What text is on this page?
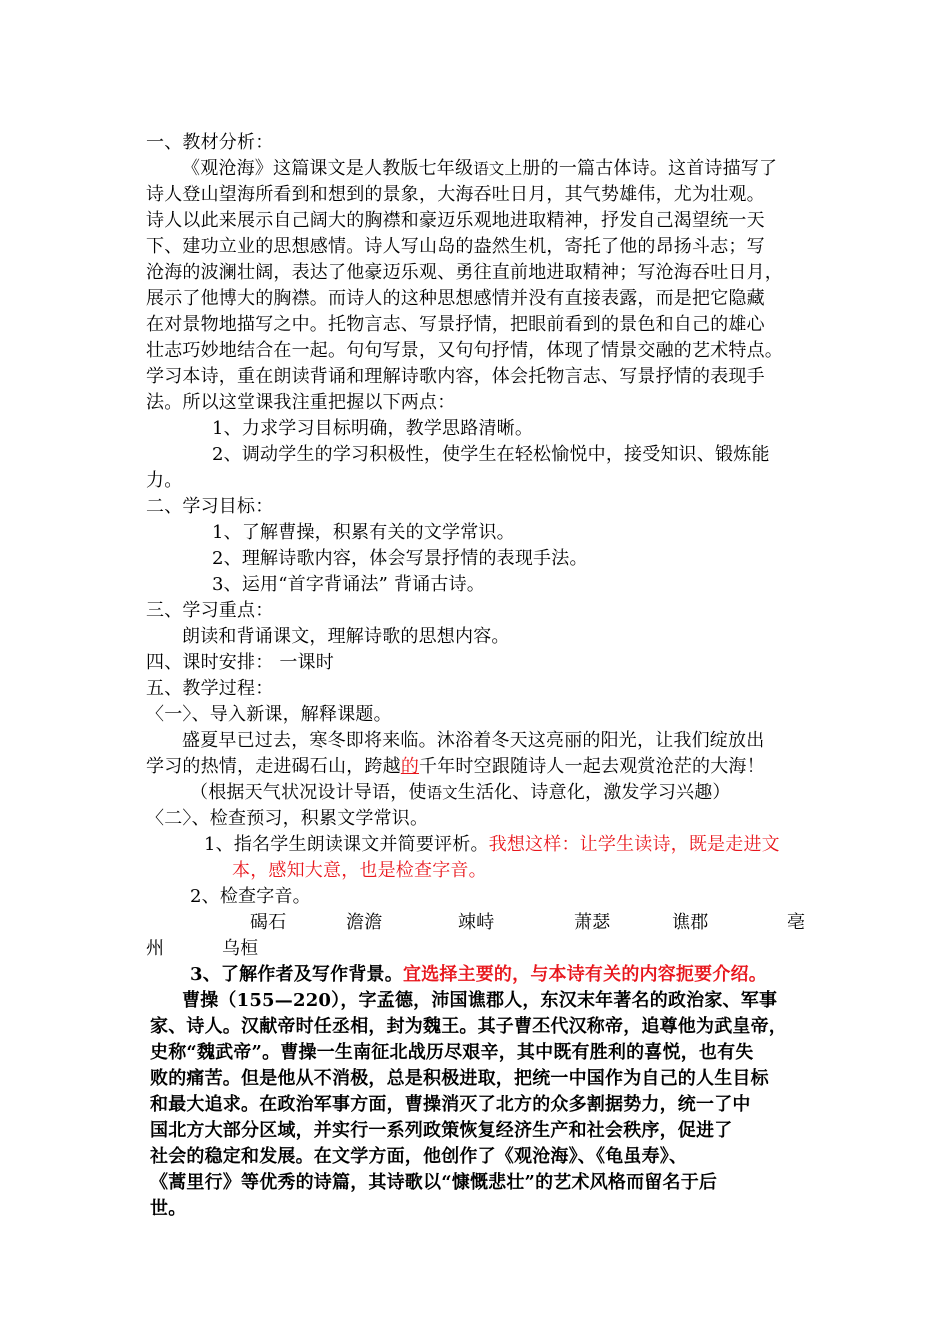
一、教材分析：
《观沧海》这篇课文是人教版七年级语文上册的一篇古体诗。这首诗描写了
诗人登山望海所看到和想到的景象，大海吞吐日月，其气势雄伟，尤为壮观。
诗人以此来展示自己阔大的胸襟和豪迈乐观地进取精神，抒发自己渴望统一天
下、建功立业的思想感情。诗人写山岛的盎然生机，寄托了他的昂扬斗志；写
沧海的波澜壮阔，表达了他豪迈乐观、勇往直前地进取精神；写沧海吞吐日月，
展示了他博大的胸襟。而诗人的这种思想感情并没有直接表露，而是把它隐藏
在对景物地描写之中。托物言志、写景抒情，把眼前看到的景色和自己的雄心
壮志巧妙地结合在一起。句句写景，又句句抒情，体现了情景交融的艺术特点。
学习本诗，重在朗读背诵和理解诗歌内容，体会托物言志、写景抒情的表现手
法。所以这堂课我注重把握以下两点：
1、力求学习目标明确，教学思路清晰。
2、调动学生的学习积极性，使学生在轻松愉悦中，接受知识、锻炼能
力。
二、学习目标：
1、了解曹操，积累有关的文学常识。
2、理解诗歌内容，体会写景抒情的表现手法。
3、运用“首字背诵法” 背诵古诗。
三、学习重点：
朗读和背诵课文，理解诗歌的思想内容。
四、课时安排： 一课时
五、教学过程：
〈一〉、导入新课，解释课题。
盛夏早已过去，寒冬即将来临。沐浴着冬天这亮丽的阳光，让我们绽放出
学习的热情，走进碣石山，跨越的千年时空跟随诗人一起去观赏沧茫的大海！
（根据天气状况设计导语，使语文生活化、诗意化，激发学习兴趣）
〈二〉、检查预习，积累文学常识。
1、指名学生朗读课文并简要评析。我想这样：让学生读诗，既是走进文
本，感知大意，也是检查字音。
2、检查字音。
碣石	澹澹	竦峙	萧瑟	谯郡	亳
州	乌桓
3、了解作者及写作背景。宜选择主要的，与本诗有关的内容扼要介绍。
曹操（155—220），字孟德，沛国谯郡人，东汉末年著名的政治家、军事
家、诗人。汉献帝时任丞相，封为魏王。其子曹丕代汉称帝，追尊他为武皇帝，
史称“魏武帝”。曹操一生南征北战历尽艰辛，其中既有胜利的喜悦，也有失
败的痛苦。但是他从不消极，总是积极进取，把统一中国作为自己的人生目标
和最大追求。在政治军事方面，曹操消灭了北方的众多割据势力，统一了中
国北方大部分区域，并实行一系列政策恢复经济生产和社会秩序，促进了
社会的稳定和发展。在文学方面，他创作了《观沧海》、《龟虽寿》、
《蒿里行》等优秀的诗篇，其诗歌以“慷慨悲壮”的艺术风格而留名于后
世。
